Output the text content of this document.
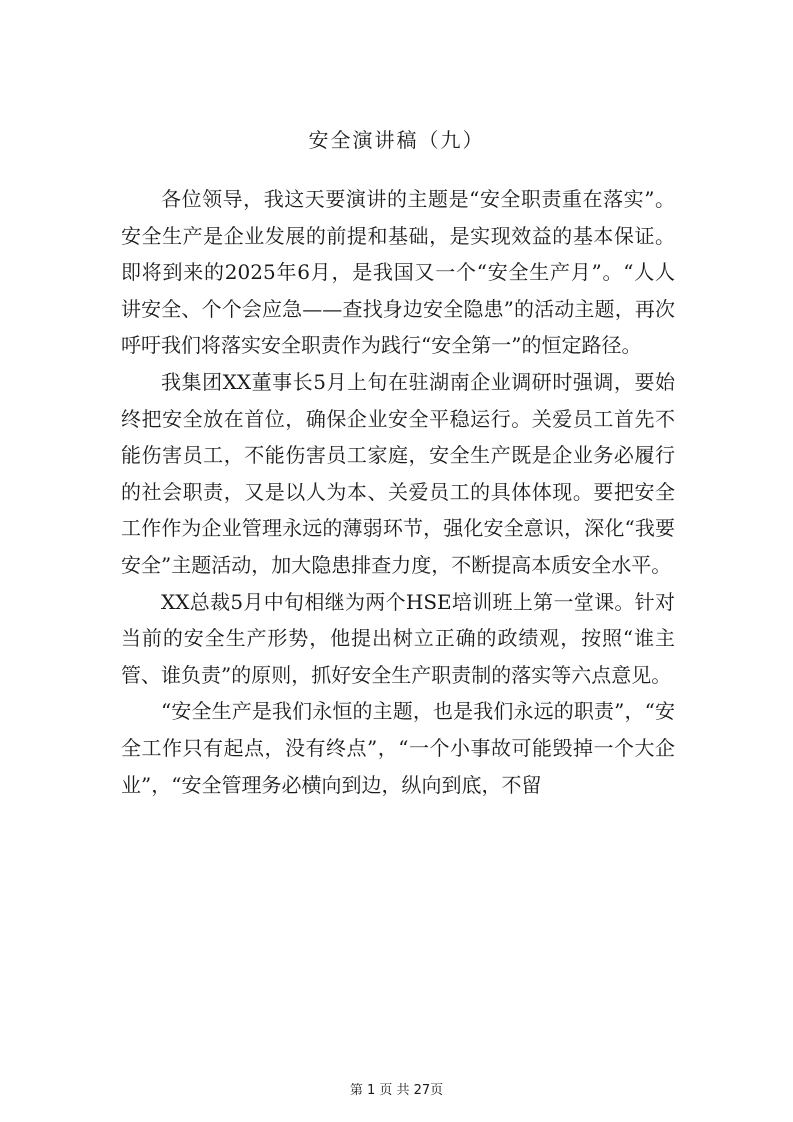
安全演讲稿（九）

各位领导，我这天要演讲的主题是“安全职责重在落实”。安全生产是企业发展的前提和基础，是实现效益的基本保证。即将到来的2025年6月，是我国又一个“安全生产月”。“人人讲安全、个个会应急——查找身边安全隐患”的活动主题，再次呼吁我们将落实安全职责作为践行“安全第一”的恒定路径。

我集团XX董事长5月上旬在驻湖南企业调研时强调，要始终把安全放在首位，确保企业安全平稳运行。关爱员工首先不能伤害员工，不能伤害员工家庭，安全生产既是企业务必履行的社会职责，又是以人为本、关爱员工的具体体现。要把安全工作作为企业管理永远的薄弱环节，强化安全意识，深化“我要安全”主题活动，加大隐患排查力度，不断提高本质安全水平。

XX总裁5月中旬相继为两个HSE培训班上第一堂课。针对当前的安全生产形势，他提出树立正确的政绩观，按照“谁主管、谁负责”的原则，抓好安全生产职责制的落实等六点意见。

“安全生产是我们永恒的主题，也是我们永远的职责”，“安全工作只有起点，没有终点”，“一个小事故可能毁掉一个大企业”，“安全管理务必横向到边，纵向到底，不留

第 1 页 共 27页
